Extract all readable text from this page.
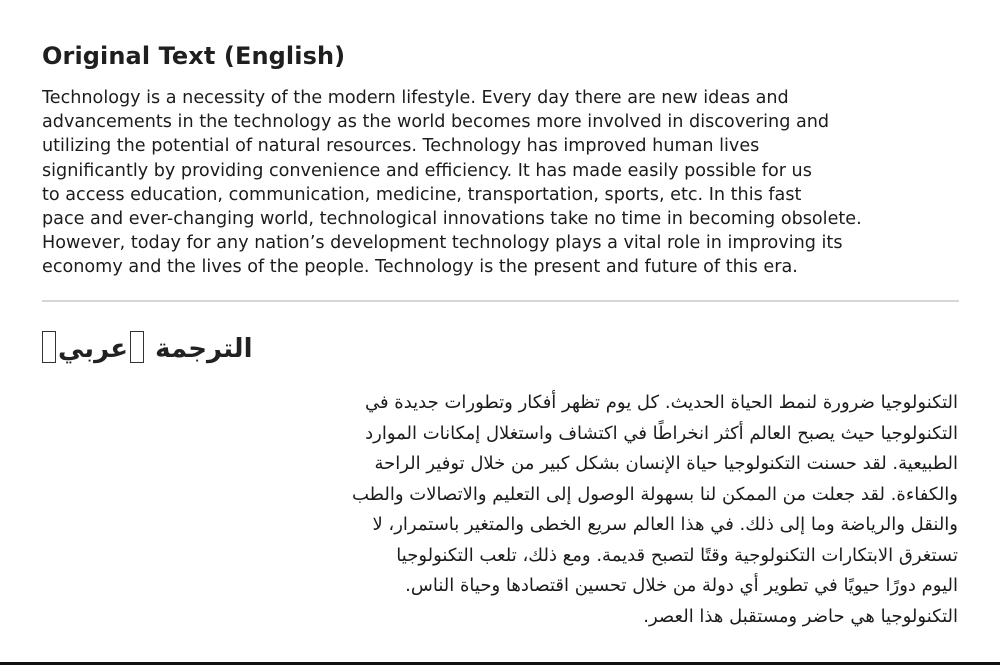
Original Text (English)
Technology is a necessity of the modern lifestyle. Every day there are new ideas and
advancements in the technology as the world becomes more involved in discovering and
utilizing the potential of natural resources. Technology has improved human lives
significantly by providing convenience and efficiency. It has made easily possible for us
to access education, communication, medicine, transportation, sports, etc. In this fast
pace and ever-changing world, technological innovations take no time in becoming obsolete.
However, today for any nation’s development technology plays a vital role in improving its
economy and the lives of the people. Technology is the present and future of this era.
عربي الترجمة
التكنولوجيا ضرورة لنمط الحياة الحديث. كل يوم تظهر أفكار وتطورات جديدة في
التكنولوجيا حيث يصبح العالم أكثر انخراطًا في اكتشاف واستغلال إمكانات الموارد
الطبيعية. لقد حسنت التكنولوجيا حياة الإنسان بشكل كبير من خلال توفير الراحة
والكفاءة. لقد جعلت من الممكن لنا بسهولة الوصول إلى التعليم والاتصالات والطب
والنقل والرياضة وما إلى ذلك. في هذا العالم سريع الخطى والمتغير باستمرار، لا
تستغرق الابتكارات التكنولوجية وقتًا لتصبح قديمة. ومع ذلك، تلعب التكنولوجيا
اليوم دورًا حيويًا في تطوير أي دولة من خلال تحسين اقتصادها وحياة الناس.
التكنولوجيا هي حاضر ومستقبل هذا العصر.
